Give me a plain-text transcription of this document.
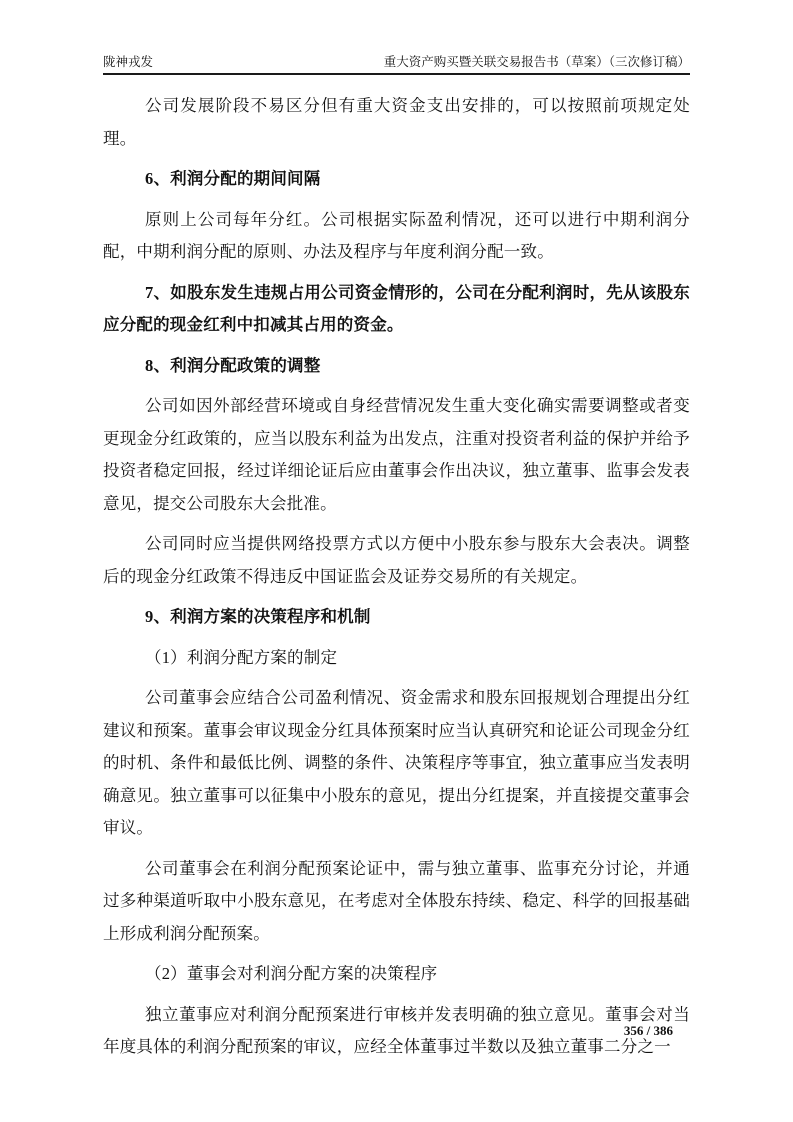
陇神戎发	重大资产购买暨关联交易报告书（草案）（三次修订稿）
公司发展阶段不易区分但有重大资金支出安排的，可以按照前项规定处理。
6、利润分配的期间间隔
原则上公司每年分红。公司根据实际盈利情况，还可以进行中期利润分配，中期利润分配的原则、办法及程序与年度利润分配一致。
7、如股东发生违规占用公司资金情形的，公司在分配利润时，先从该股东应分配的现金红利中扣减其占用的资金。
8、利润分配政策的调整
公司如因外部经营环境或自身经营情况发生重大变化确实需要调整或者变更现金分红政策的，应当以股东利益为出发点，注重对投资者利益的保护并给予投资者稳定回报，经过详细论证后应由董事会作出决议，独立董事、监事会发表意见，提交公司股东大会批准。
公司同时应当提供网络投票方式以方便中小股东参与股东大会表决。调整后的现金分红政策不得违反中国证监会及证券交易所的有关规定。
9、利润方案的决策程序和机制
（1）利润分配方案的制定
公司董事会应结合公司盈利情况、资金需求和股东回报规划合理提出分红建议和预案。董事会审议现金分红具体预案时应当认真研究和论证公司现金分红的时机、条件和最低比例、调整的条件、决策程序等事宜，独立董事应当发表明确意见。独立董事可以征集中小股东的意见，提出分红提案，并直接提交董事会审议。
公司董事会在利润分配预案论证中，需与独立董事、监事充分讨论，并通过多种渠道听取中小股东意见，在考虑对全体股东持续、稳定、科学的回报基础上形成利润分配预案。
（2）董事会对利润分配方案的决策程序
独立董事应对利润分配预案进行审核并发表明确的独立意见。董事会对当年度具体的利润分配预案的审议，应经全体董事过半数以及独立董事二分之一
356 / 386
